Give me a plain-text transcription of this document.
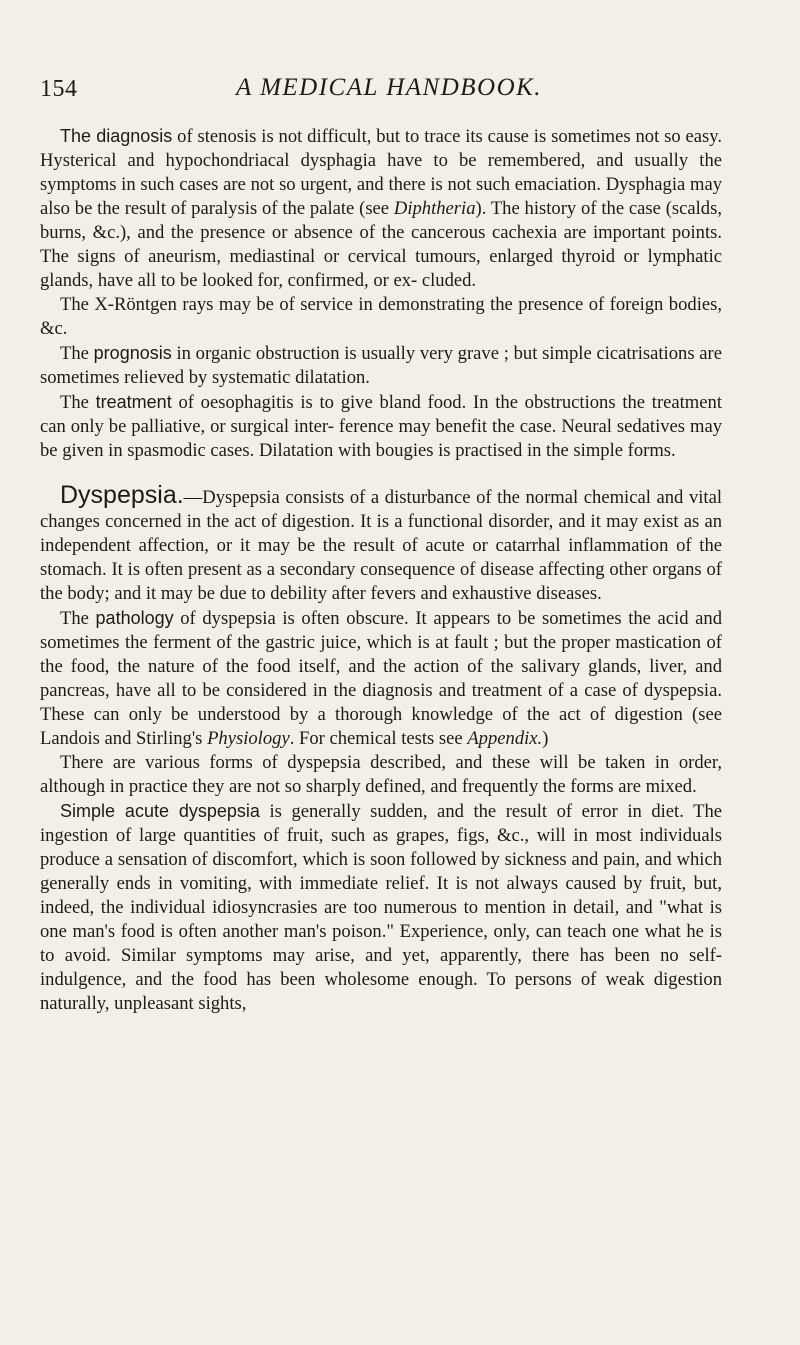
154	A MEDICAL HANDBOOK.

The diagnosis of stenosis is not difficult, but to trace its cause is sometimes not so easy. Hysterical and hypochondriacal dysphagia have to be remembered, and usually the symptoms in such cases are not so urgent, and there is not such emaciation. Dysphagia may also be the result of paralysis of the palate (see Diphtheria). The history of the case (scalds, burns, &c.), and the presence or absence of the cancerous cachexia are important points. The signs of aneurism, mediastinal or cervical tumours, enlarged thyroid or lymphatic glands, have all to be looked for, confirmed, or ex- cluded.

The X-Röntgen rays may be of service in demonstrating the presence of foreign bodies, &c.

The prognosis in organic obstruction is usually very grave ; but simple cicatrisations are sometimes relieved by systematic dilatation.

The treatment of oesophagitis is to give bland food. In the obstructions the treatment can only be palliative, or surgical inter- ference may benefit the case. Neural sedatives may be given in spasmodic cases. Dilatation with bougies is practised in the simple forms.

Dyspepsia.—Dyspepsia consists of a disturbance of the normal chemical and vital changes concerned in the act of digestion. It is a functional disorder, and it may exist as an independent affection, or it may be the result of acute or catarrhal inflammation of the stomach. It is often present as a secondary consequence of disease affecting other organs of the body; and it may be due to debility after fevers and exhaustive diseases.

The pathology of dyspepsia is often obscure. It appears to be sometimes the acid and sometimes the ferment of the gastric juice, which is at fault ; but the proper mastication of the food, the nature of the food itself, and the action of the salivary glands, liver, and pancreas, have all to be considered in the diagnosis and treatment of a case of dyspepsia. These can only be understood by a thorough knowledge of the act of digestion (see Landois and Stirling's Physiology. For chemical tests see Appendix.)

There are various forms of dyspepsia described, and these will be taken in order, although in practice they are not so sharply defined, and frequently the forms are mixed.

Simple acute dyspepsia is generally sudden, and the result of error in diet. The ingestion of large quantities of fruit, such as grapes, figs, &c., will in most individuals produce a sensation of discomfort, which is soon followed by sickness and pain, and which generally ends in vomiting, with immediate relief. It is not always caused by fruit, but, indeed, the individual idiosyncrasies are too numerous to mention in detail, and "what is one man's food is often another man's poison." Experience, only, can teach one what he is to avoid. Similar symptoms may arise, and yet, apparently, there has been no self-indulgence, and the food has been wholesome enough. To persons of weak digestion naturally, unpleasant sights,
